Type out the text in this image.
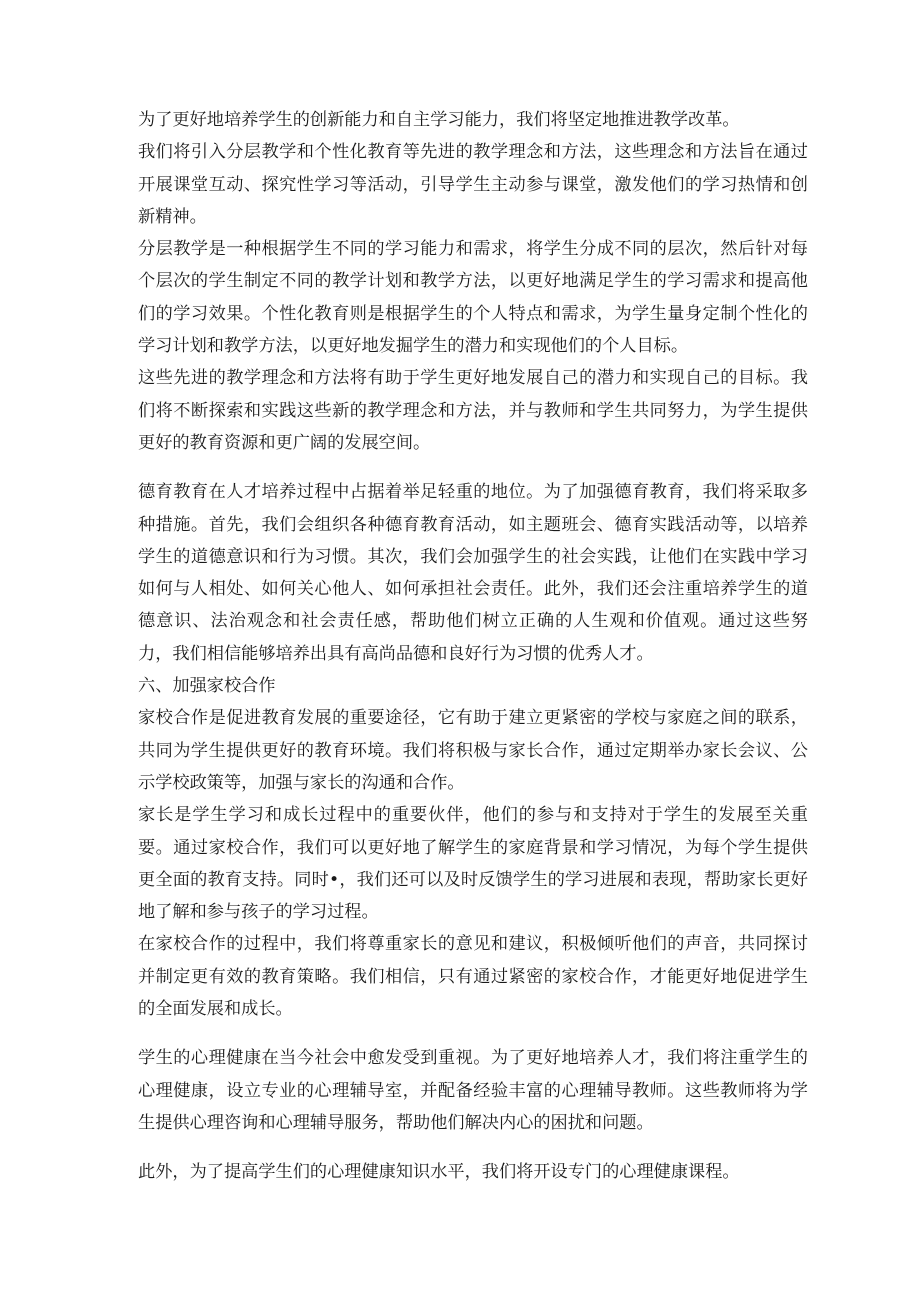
为了更好地培养学生的创新能力和自主学习能力，我们将坚定地推进教学改革。

我们将引入分层教学和个性化教育等先进的教学理念和方法，这些理念和方法旨在通过开展课堂互动、探究性学习等活动，引导学生主动参与课堂，激发他们的学习热情和创新精神。

分层教学是一种根据学生不同的学习能力和需求，将学生分成不同的层次，然后针对每个层次的学生制定不同的教学计划和教学方法，以更好地满足学生的学习需求和提高他们的学习效果。个性化教育则是根据学生的个人特点和需求，为学生量身定制个性化的学习计划和教学方法，以更好地发掘学生的潜力和实现他们的个人目标。

这些先进的教学理念和方法将有助于学生更好地发展自己的潜力和实现自己的目标。我们将不断探索和实践这些新的教学理念和方法，并与教师和学生共同努力，为学生提供更好的教育资源和更广阔的发展空间。

德育教育在人才培养过程中占据着举足轻重的地位。为了加强德育教育，我们将采取多种措施。首先，我们会组织各种德育教育活动，如主题班会、德育实践活动等，以培养学生的道德意识和行为习惯。其次，我们会加强学生的社会实践，让他们在实践中学习如何与人相处、如何关心他人、如何承担社会责任。此外，我们还会注重培养学生的道德意识、法治观念和社会责任感，帮助他们树立正确的人生观和价值观。通过这些努力，我们相信能够培养出具有高尚品德和良好行为习惯的优秀人才。

六、加强家校合作

家校合作是促进教育发展的重要途径，它有助于建立更紧密的学校与家庭之间的联系，共同为学生提供更好的教育环境。我们将积极与家长合作，通过定期举办家长会议、公示学校政策等，加强与家长的沟通和合作。

家长是学生学习和成长过程中的重要伙伴，他们的参与和支持对于学生的发展至关重要。通过家校合作，我们可以更好地了解学生的家庭背景和学习情况，为每个学生提供更全面的教育支持。同时•，我们还可以及时反馈学生的学习进展和表现，帮助家长更好地了解和参与孩子的学习过程。

在家校合作的过程中，我们将尊重家长的意见和建议，积极倾听他们的声音，共同探讨并制定更有效的教育策略。我们相信，只有通过紧密的家校合作，才能更好地促进学生的全面发展和成长。

学生的心理健康在当今社会中愈发受到重视。为了更好地培养人才，我们将注重学生的心理健康，设立专业的心理辅导室，并配备经验丰富的心理辅导教师。这些教师将为学生提供心理咨询和心理辅导服务，帮助他们解决内心的困扰和问题。

此外，为了提高学生们的心理健康知识水平，我们将开设专门的心理健康课程。
